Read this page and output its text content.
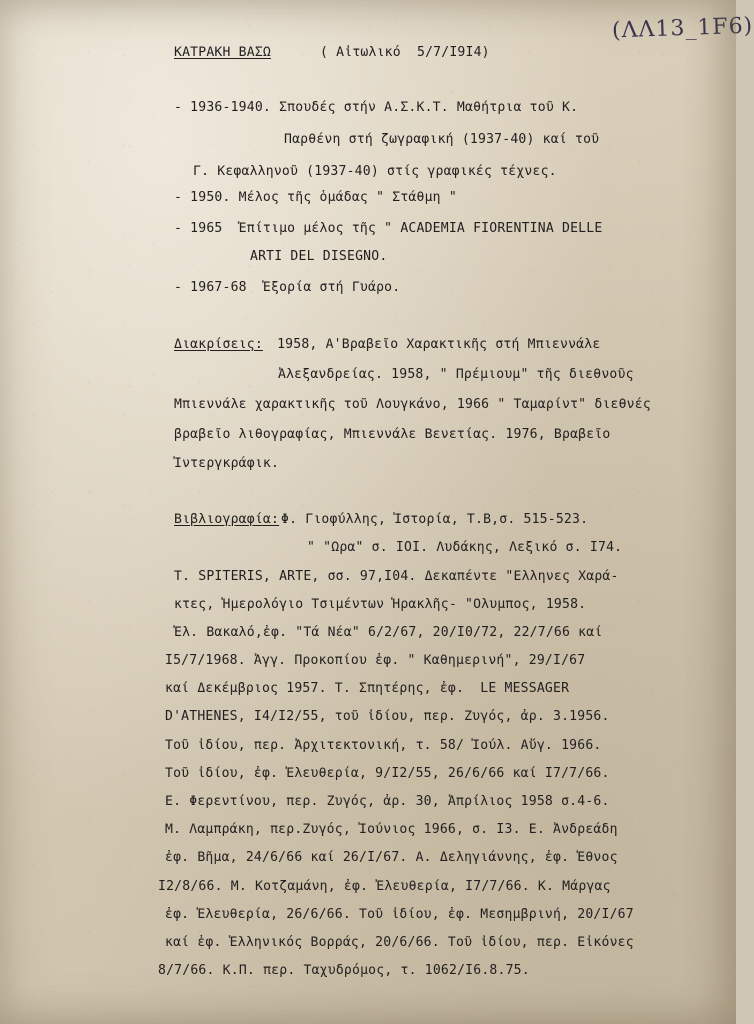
(ΛΛ13_1F6)
ΚΑΤΡΑΚΗ ΒΑΣΩ	( Αἰτωλικό  5/7/I9I4)
- 1936-1940. Σπουδές στήν Α.Σ.Κ.Τ. Μαθήτρια τοῦ Κ.
Παρθένη στή ζωγραφική (1937-40) καί τοῦ
Γ. Κεφαλληνοῦ (1937-40) στίς γραφικές τέχνες.
- 1950. Μέλος τῆς ὁμάδας " Στάθμη "
- 1965  Ἐπίτιμο μέλος τῆς " ACADEMIA FIORENTINA DELLE
ARTI DEL DISEGNO.
- 1967-68  Ἐξορία στή Γυάρο.
Διακρίσεις: 1958, Α'Βραβεῖο Χαρακτικῆς στή Μπιεννάλε
Ἀλεξανδρείας. 1958, " Πρέμιουμ" τῆς διεθνοῦς
Μπιεννάλε χαρακτικῆς τοῦ Λουγκάνο, 1966 " Ταμαρίντ" διεθνές
βραβεῖο λιθογραφίας, Μπιεννάλε Βενετίας. 1976, Βραβεῖο
Ἰντεργκράφικ.
Βιβλιογραφία: Φ. Γιοφύλλης, Ἱστορία, Τ.Β,σ. 515-523.
" "Ωρα" σ. IOI. Λυδάκης, Λεξικό σ. I74.
Τ. SPITERIS, ARTE, σσ. 97,I04. Δεκαπέντε "Ελληνες Χαρά-
κτες, Ἡμερολόγιο Τσιμέντων Ἡρακλῆς- "Ολυμπος, 1958.
Ἐλ. Βακαλό,ἐφ. "Τά Νέα" 6/2/67, 20/I0/72, 22/7/66 καί
I5/7/1968. Ἀγγ. Προκοπίου ἐφ. " Καθημερινή", 29/I/67
καί Δεκέμβριος 1957. Τ. Σπητέρης, ἐφ.  LE MESSAGER
D'ATHENES, I4/I2/55, τοῦ ἰδίου, περ. Ζυγός, ἀρ. 3.1956.
Τοῦ ἰδίου, περ. Ἀρχιτεκτονική, τ. 58/ Ἰούλ. Αὔγ. 1966.
Τοῦ ἰδίου, ἐφ. Ἐλευθερία, 9/I2/55, 26/6/66 καί I7/7/66.
Ε. Φερεντίνου, περ. Ζυγός, ἀρ. 30, Ἀπρίλιος 1958 σ.4-6.
Μ. Λαμπράκη, περ.Ζυγός, Ἰούνιος 1966, σ. I3. Ε. Ἀνδρεάδη
ἐφ. Βῆμα, 24/6/66 καί 26/I/67. Α. Δεληγιάννης, ἐφ. Ἐθνος
I2/8/66. Μ. Κοτζαμάνη, ἐφ. Ἐλευθερία, I7/7/66. Κ. Μάργας
ἐφ. Ἐλευθερία, 26/6/66. Τοῦ ἰδίου, ἐφ. Μεσημβρινή, 20/I/67
καί ἐφ. Ἑλληνικός Βορράς, 20/6/66. Τοῦ ἰδίου, περ. Εἰκόνες
8/7/66. Κ.Π. περ. Ταχυδρόμος, τ. 1062/I6.8.75.
